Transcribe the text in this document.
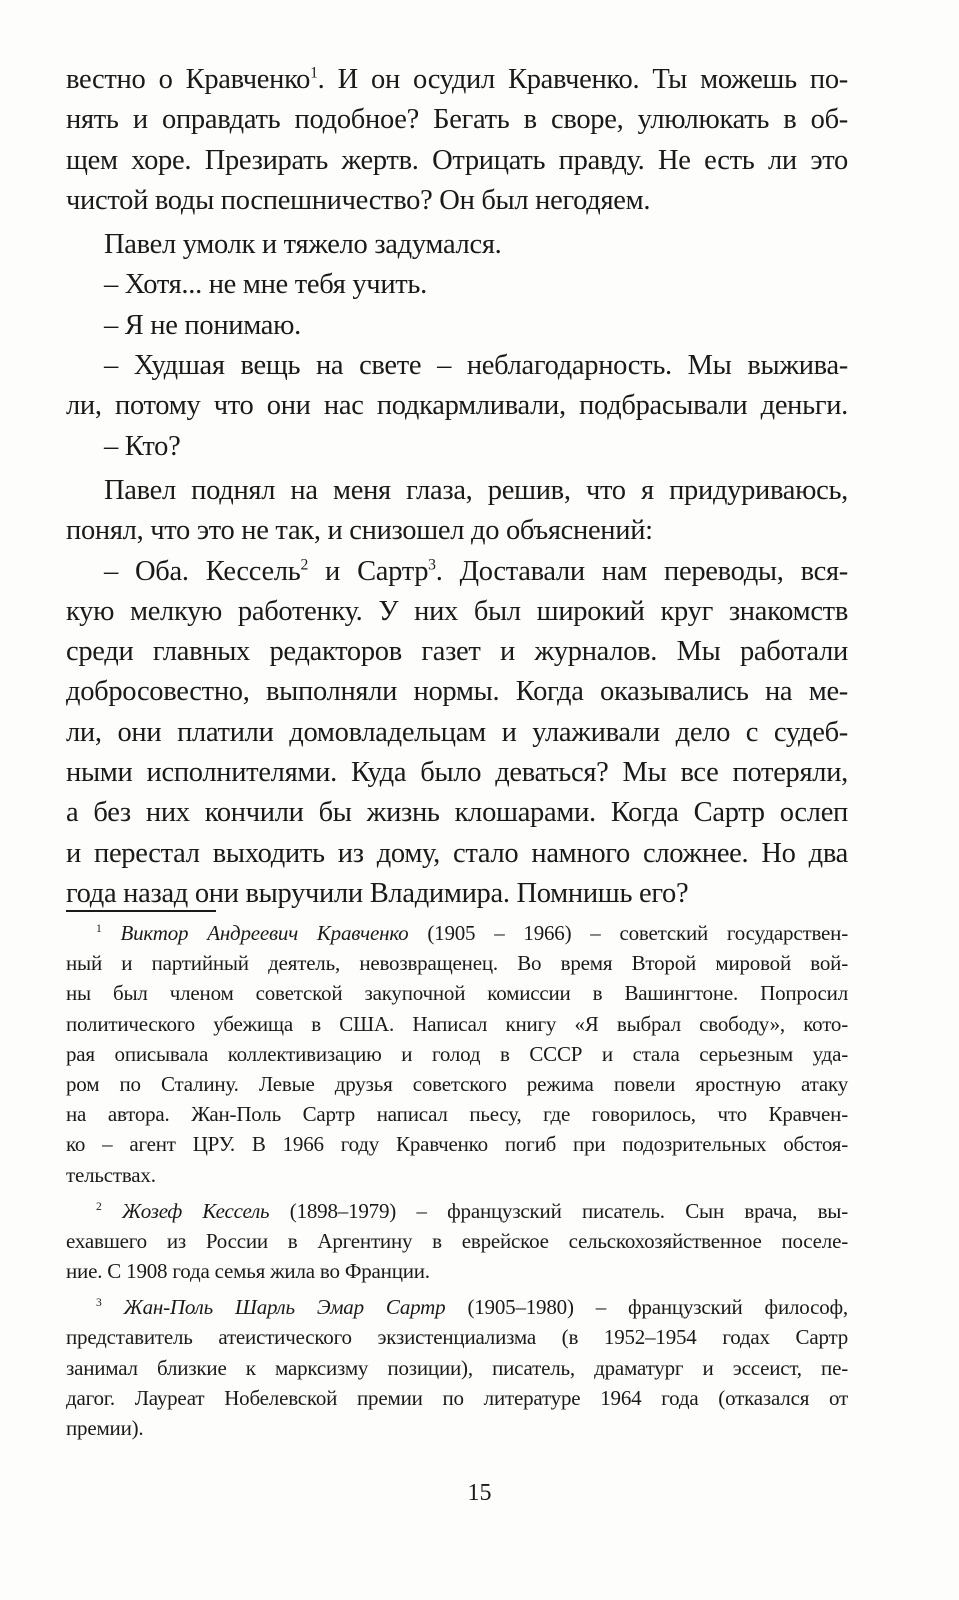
вестно о Кравченко$^1$. И он осудил Кравченко. Ты можешь по-
нять и оправдать подобное? Бегать в своре, улюлюкать в об-
щем хоре. Презирать жертв. Отрицать правду. Не есть ли это
чистой воды поспешничество? Он был негодяем.
Павел умолк и тяжело задумался.
– Хотя... не мне тебя учить.
– Я не понимаю.
– Худшая вещь на свете – неблагодарность. Мы выжива-
ли, потому что они нас подкармливали, подбрасывали деньги.
– Кто?
Павел поднял на меня глаза, решив, что я придуриваюсь,
понял, что это не так, и снизошел до объяснений:
– Оба. Кессель$^2$ и Сартр$^3$. Доставали нам переводы, вся-
кую мелкую работенку. У них был широкий круг знакомств
среди главных редакторов газет и журналов. Мы работали
добросовестно, выполняли нормы. Когда оказывались на ме-
ли, они платили домовладельцам и улаживали дело с судеб-
ными исполнителями. Куда было деваться? Мы все потеряли,
а без них кончили бы жизнь клошарами. Когда Сартр ослеп
и перестал выходить из дому, стало намного сложнее. Но два
года назад они выручили Владимира. Помнишь его?
$^1$ Виктор Андреевич Кравченко (1905 – 1966) – советский государствен-
ный и партийный деятель, невозвращенец. Во время Второй мировой вой-
ны был членом советской закупочной комиссии в Вашингтоне. Попросил
политического убежища в США. Написал книгу «Я выбрал свободу», кото-
рая описывала коллективизацию и голод в СССР и стала серьезным уда-
ром по Сталину. Левые друзья советского режима повели яростную атаку
на автора. Жан-Поль Сартр написал пьесу, где говорилось, что Кравчен-
ко – агент ЦРУ. В 1966 году Кравченко погиб при подозрительных обстоя-
тельствах.
$^2$ Жозеф Кессель (1898–1979) – французский писатель. Сын врача, вы-
ехавшего из России в Аргентину в еврейское сельскохозяйственное поселе-
ние. С 1908 года семья жила во Франции.
$^3$ Жан-Поль Шарль Эмар Сартр (1905–1980) – французский философ,
представитель атеистического экзистенциализма (в 1952–1954 годах Сартр
занимал близкие к марксизму позиции), писатель, драматург и эссеист, пе-
дагог. Лауреат Нобелевской премии по литературе 1964 года (отказался от
премии).
15
